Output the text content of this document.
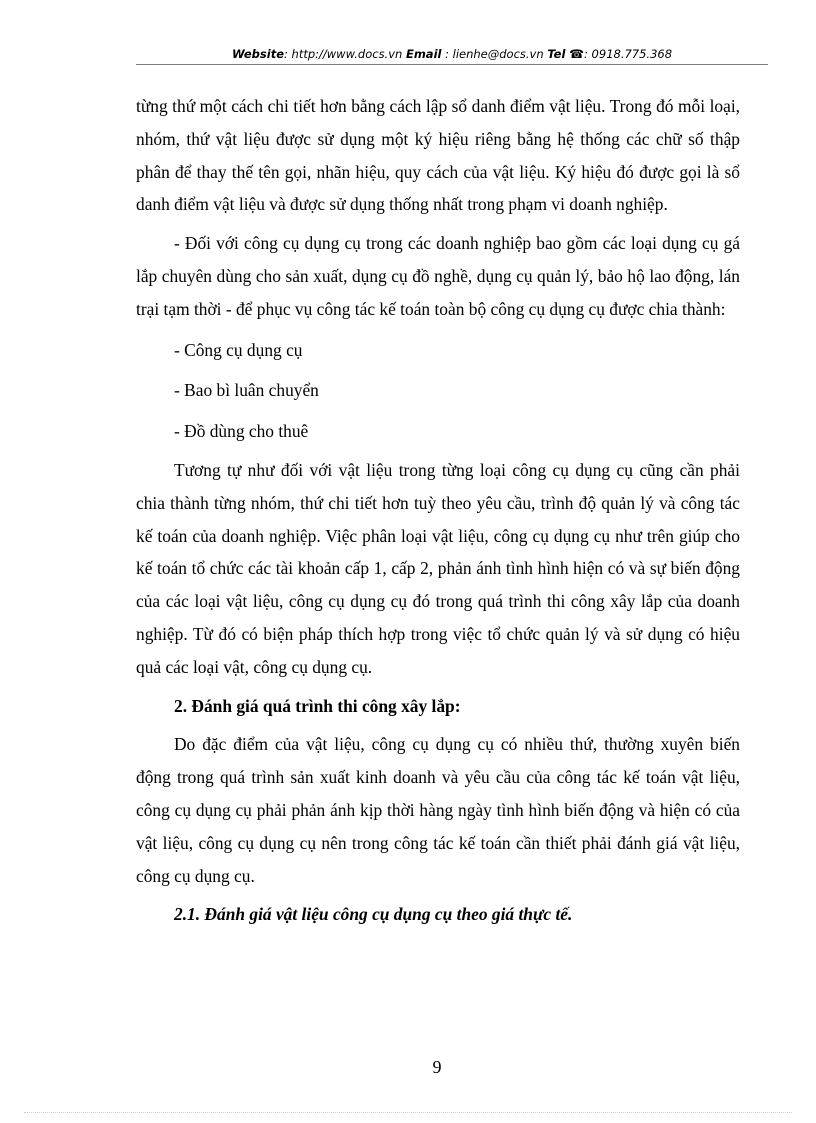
Website: http://www.docs.vn Email : lienhe@docs.vn Tel ☎: 0918.775.368

từng thứ một cách chi tiết hơn bằng cách lập sổ danh điểm vật liệu. Trong đó mỗi loại, nhóm, thứ vật liệu được sử dụng một ký hiệu riêng bằng hệ thống các chữ số thập phân để thay thế tên gọi, nhãn hiệu, quy cách của vật liệu. Ký hiệu đó được gọi là sổ danh điểm vật liệu và được sử dụng thống nhất trong phạm vi doanh nghiệp.

- Đối với công cụ dụng cụ trong các doanh nghiệp bao gồm các loại dụng cụ gá lắp chuyên dùng cho sản xuất, dụng cụ đồ nghề, dụng cụ quản lý, bảo hộ lao động, lán trại tạm thời - để phục vụ công tác kế toán toàn bộ công cụ dụng cụ được chia thành:

- Công cụ dụng cụ

- Bao bì luân chuyển

- Đồ dùng cho thuê

Tương tự như đối với vật liệu trong từng loại công cụ dụng cụ cũng cần phải chia thành từng nhóm, thứ chi tiết hơn tuỳ theo yêu cầu, trình độ quản lý và công tác kế toán của doanh nghiệp. Việc phân loại vật liệu, công cụ dụng cụ như trên giúp cho kế toán tổ chức các tài khoản cấp 1, cấp 2, phản ánh tình hình hiện có và sự biến động của các loại vật liệu, công cụ dụng cụ đó trong quá trình thi công xây lắp của doanh nghiệp. Từ đó có biện pháp thích hợp trong việc tổ chức quản lý và sử dụng có hiệu quả các loại vật, công cụ dụng cụ.

2. Đánh giá quá trình thi công xây lắp:

Do đặc điểm của vật liệu, công cụ dụng cụ có nhiều thứ, thường xuyên biến động trong quá trình sản xuất kinh doanh và yêu cầu của công tác kế toán vật liệu, công cụ dụng cụ phải phản ánh kịp thời hàng ngày tình hình biến động và hiện có của vật liệu, công cụ dụng cụ nên trong công tác kế toán cần thiết phải đánh giá vật liệu, công cụ dụng cụ.

2.1. Đánh giá vật liệu công cụ dụng cụ theo giá thực tế.

9
